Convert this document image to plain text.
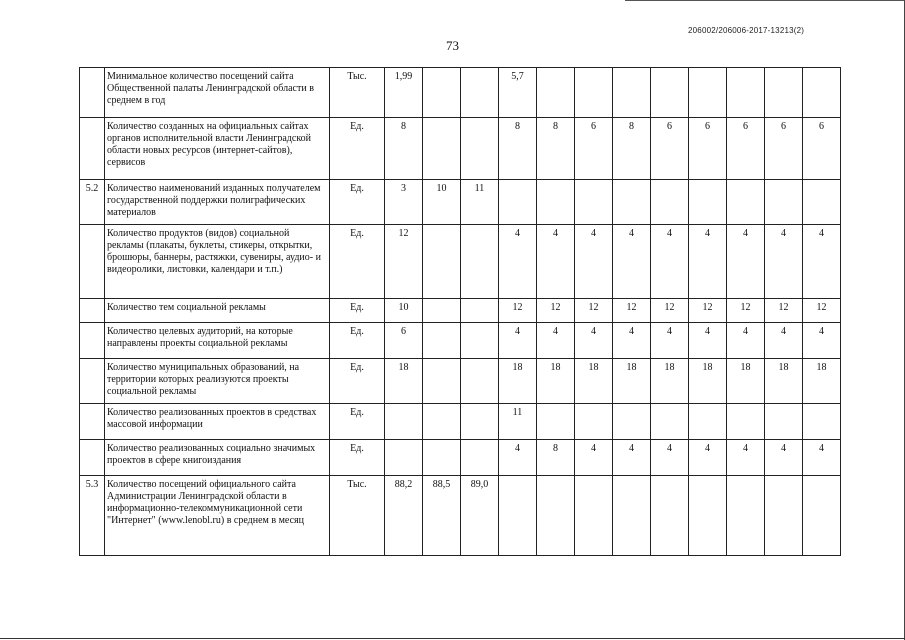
206002/206006-2017-13213(2)
73
	Минимальное количество посещений сайта Общественной палаты Ленинградской области в среднем в год	Тыс.	1,99			5,7								
	Количество созданных на официальных сайтах органов исполнительной власти Ленинградской области новых ресурсов (интернет-сайтов), сервисов	Ед.	8			8	8	6	8	6	6	6	6	6
5.2	Количество наименований изданных получателем государственной поддержки полиграфических материалов	Ед.	3	10	11									
	Количество продуктов (видов) социальной рекламы (плакаты, буклеты, стикеры, открытки, брошюры, баннеры, растяжки, сувениры, аудио- и видеоролики, листовки, календари и т.п.)	Ед.	12			4	4	4	4	4	4	4	4	4
	Количество тем социальной рекламы	Ед.	10			12	12	12	12	12	12	12	12	12
	Количество целевых аудиторий, на которые направлены проекты социальной рекламы	Ед.	6			4	4	4	4	4	4	4	4	4
	Количество муниципальных образований, на территории которых реализуются проекты социальной рекламы	Ед.	18			18	18	18	18	18	18	18	18	18
	Количество реализованных проектов в средствах массовой информации	Ед.				11								
	Количество реализованных социально значимых проектов в сфере книгоиздания	Ед.				4	8	4	4	4	4	4	4	4
5.3	Количество посещений официального сайта Администрации Ленинградской области в информационно-телекоммуникационной сети "Интернет" (www.lenobl.ru) в среднем в месяц	Тыс.	88,2	88,5	89,0									
